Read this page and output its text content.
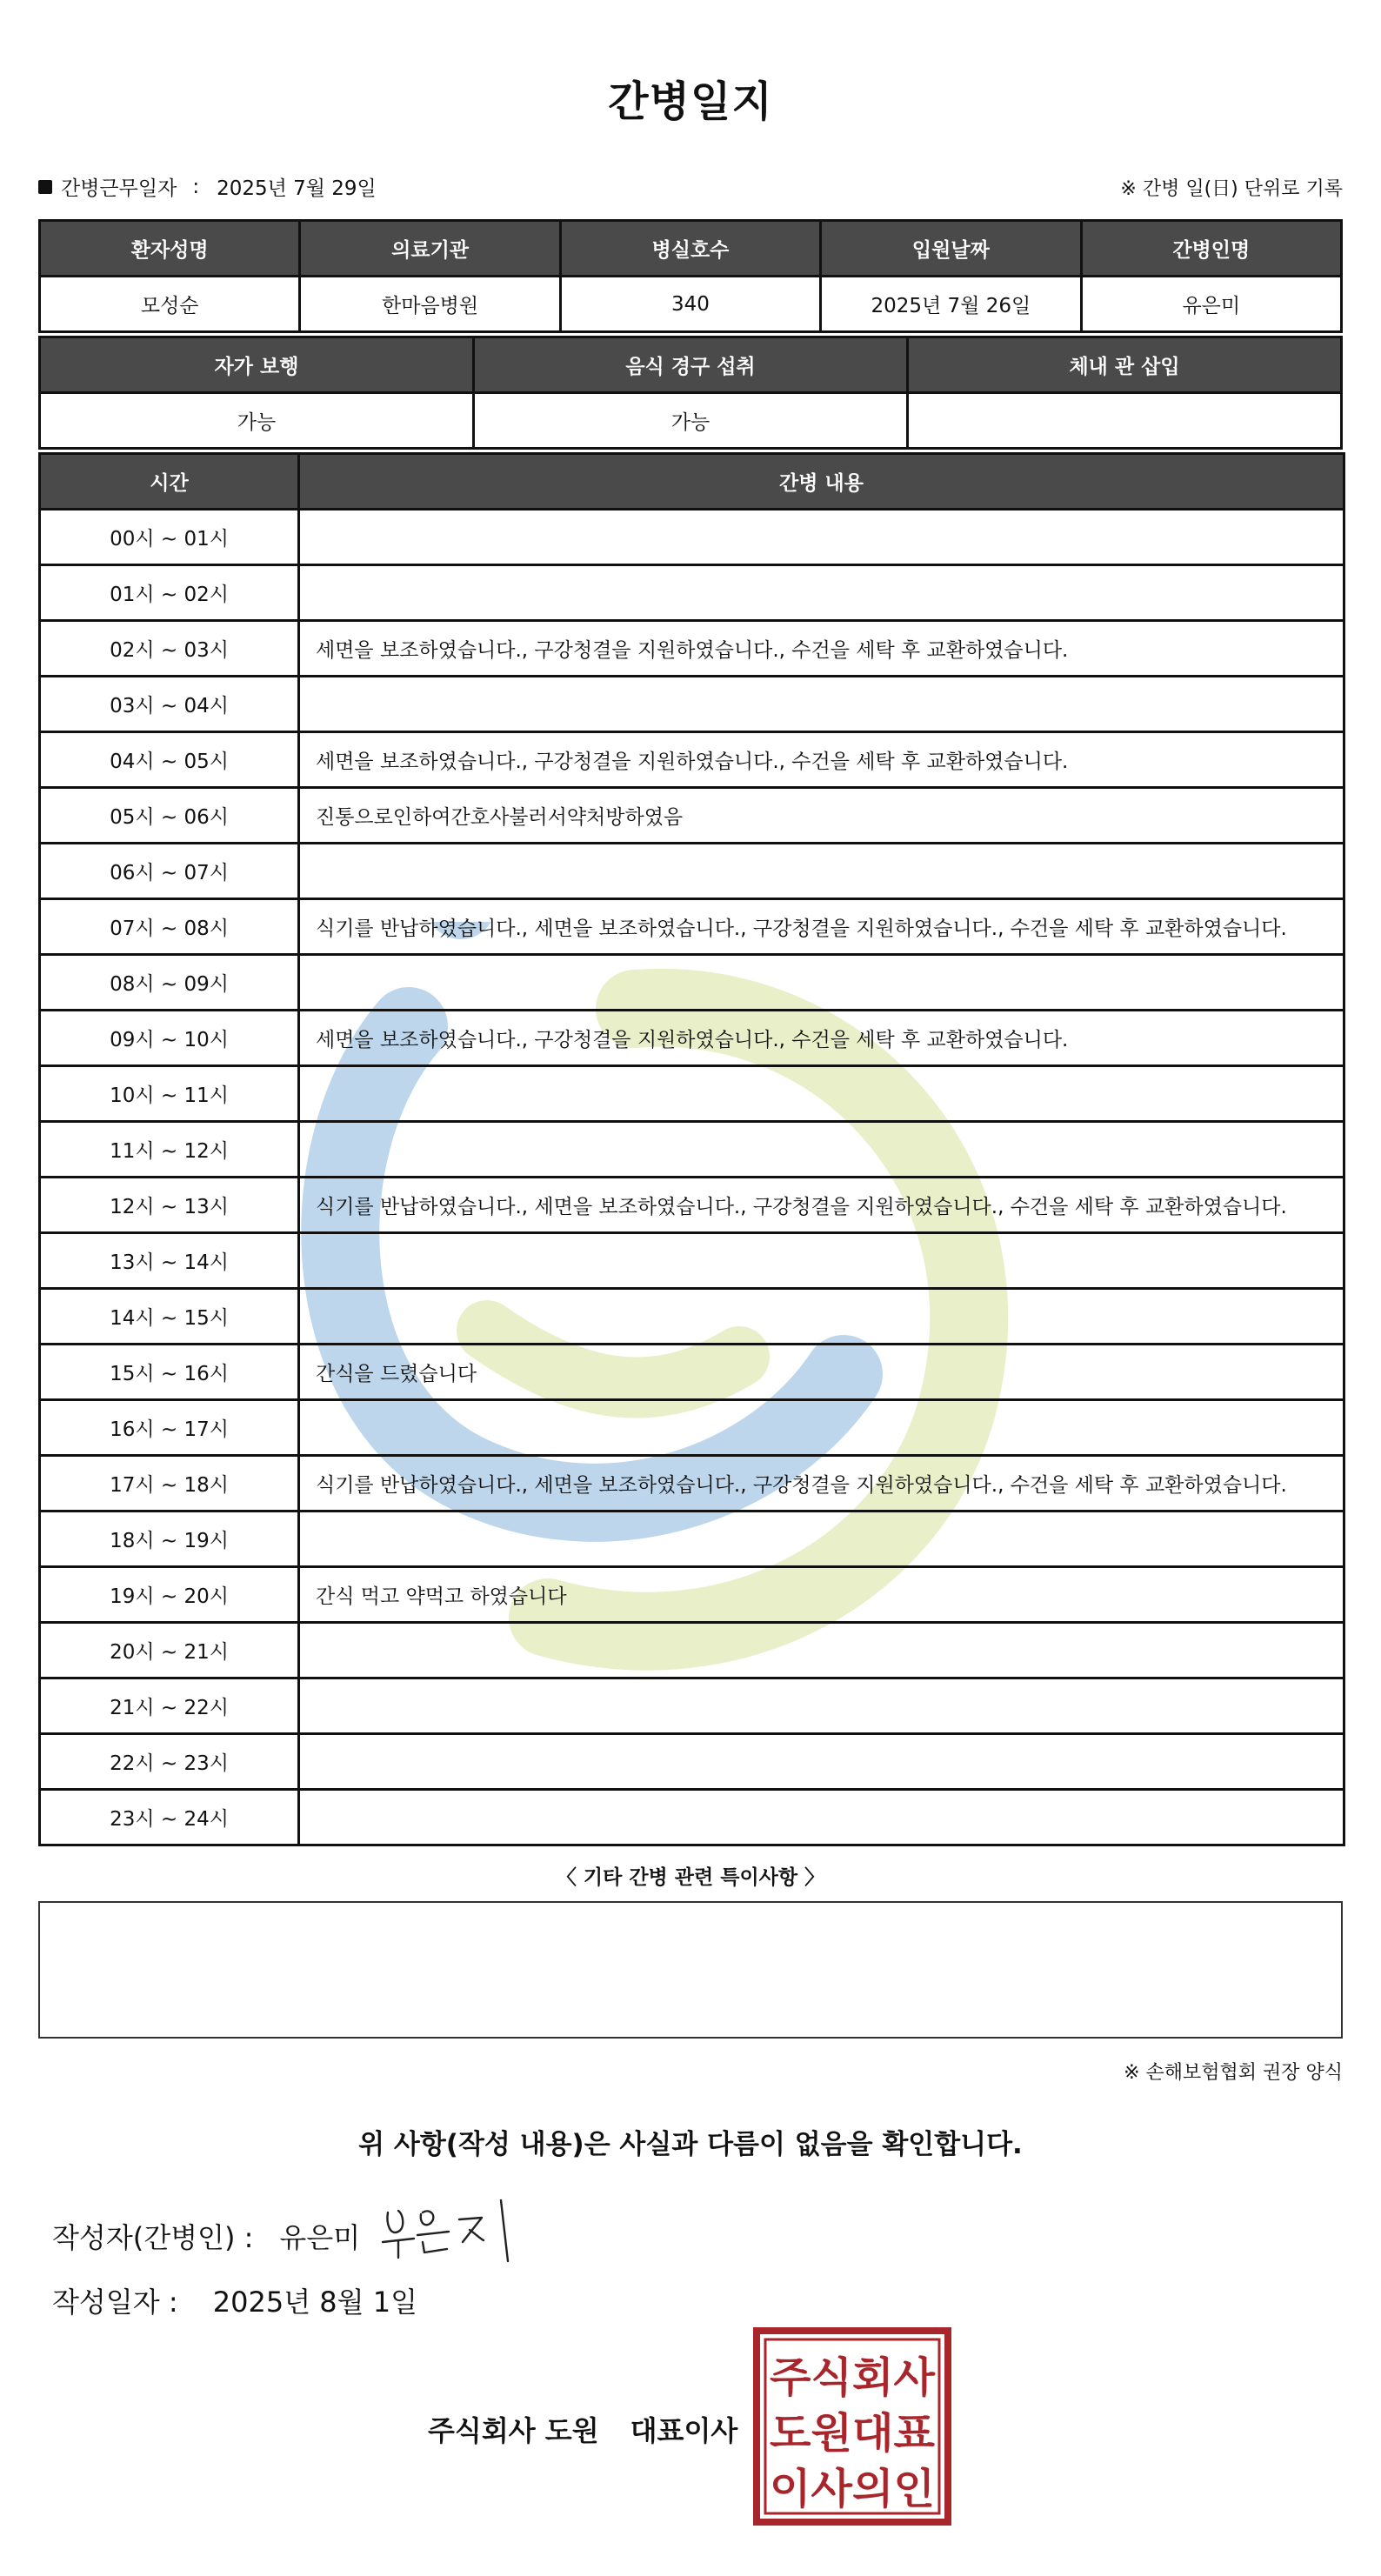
간병일지
간병근무일자 : 2025년 7월 29일	※ 간병 일(日) 단위로 기록
환자성명	의료기관	병실호수	입원날짜	간병인명
모성순	한마음병원	340	2025년 7월 26일	유은미
자가 보행	음식 경구 섭취	체내 관 삽입
가능	가능	
시간	간병 내용
00시 ~ 01시	
01시 ~ 02시	
02시 ~ 03시	세면을 보조하였습니다., 구강청결을 지원하였습니다., 수건을 세탁 후 교환하였습니다.
03시 ~ 04시	
04시 ~ 05시	세면을 보조하였습니다., 구강청결을 지원하였습니다., 수건을 세탁 후 교환하였습니다.
05시 ~ 06시	진통으로인하여간호사불러서약처방하였음
06시 ~ 07시	
07시 ~ 08시	식기를 반납하였습니다., 세면을 보조하였습니다., 구강청결을 지원하였습니다., 수건을 세탁 후 교환하였습니다.
08시 ~ 09시	
09시 ~ 10시	세면을 보조하였습니다., 구강청결을 지원하였습니다., 수건을 세탁 후 교환하였습니다.
10시 ~ 11시	
11시 ~ 12시	
12시 ~ 13시	식기를 반납하였습니다., 세면을 보조하였습니다., 구강청결을 지원하였습니다., 수건을 세탁 후 교환하였습니다.
13시 ~ 14시	
14시 ~ 15시	
15시 ~ 16시	간식을 드렸습니다
16시 ~ 17시	
17시 ~ 18시	식기를 반납하였습니다., 세면을 보조하였습니다., 구강청결을 지원하였습니다., 수건을 세탁 후 교환하였습니다.
18시 ~ 19시	
19시 ~ 20시	간식 먹고 약먹고 하였습니다
20시 ~ 21시	
21시 ~ 22시	
22시 ~ 23시	
23시 ~ 24시	
〈 기타 간병 관련 특이사항 〉
※ 손해보험협회 권장 양식
위 사항(작성 내용)은 사실과 다름이 없음을 확인합니다.
작성자(간병인) : 유은미
작성일자 : 2025년 8월 1일
주식회사 도원 대표이사
주식회사
도원대표
이사의인
